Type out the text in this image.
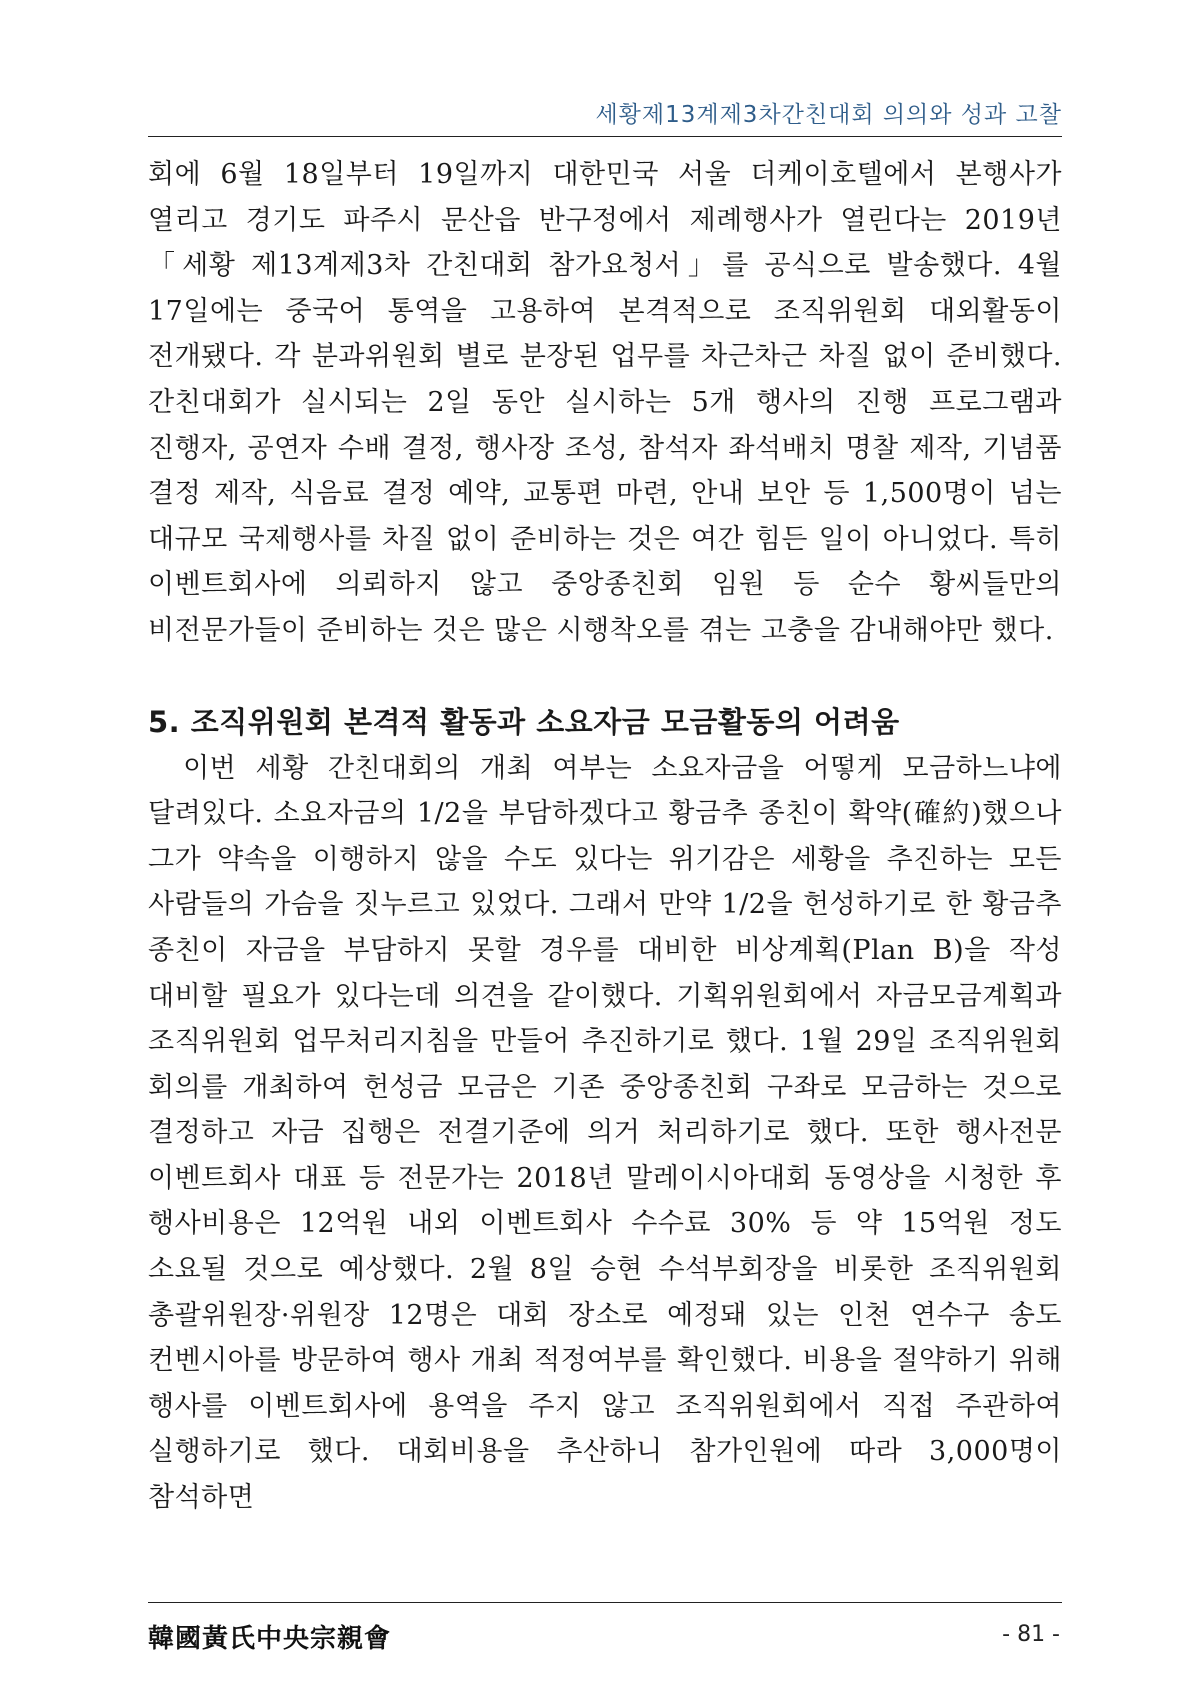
세황제13계제3차간친대회 의의와 성과 고찰

회에 6월 18일부터 19일까지 대한민국 서울 더케이호텔에서 본행사가 열리고 경기도 파주시 문산읍 반구정에서 제례행사가 열린다는 2019년 「세황 제13계제3차 간친대회 참가요청서」를 공식으로 발송했다. 4월 17일에는 중국어 통역을 고용하여 본격적으로 조직위원회 대외활동이 전개됐다. 각 분과위원회 별로 분장된 업무를 차근차근 차질 없이 준비했다. 간친대회가 실시되는 2일 동안 실시하는 5개 행사의 진행 프로그램과 진행자, 공연자 수배 결정, 행사장 조성, 참석자 좌석배치 명찰 제작, 기념품 결정 제작, 식음료 결정 예약, 교통편 마련, 안내 보안 등 1,500명이 넘는 대규모 국제행사를 차질 없이 준비하는 것은 여간 힘든 일이 아니었다. 특히 이벤트회사에 의뢰하지 않고 중앙종친회 임원 등 순수 황씨들만의 비전문가들이 준비하는 것은 많은 시행착오를 겪는 고충을 감내해야만 했다.

5. 조직위원회 본격적 활동과 소요자금 모금활동의 어려움

이번 세황 간친대회의 개최 여부는 소요자금을 어떻게 모금하느냐에 달려있다. 소요자금의 1/2을 부담하겠다고 황금추 종친이 확약(確約)했으나 그가 약속을 이행하지 않을 수도 있다는 위기감은 세황을 추진하는 모든 사람들의 가슴을 짓누르고 있었다. 그래서 만약 1/2을 헌성하기로 한 황금추 종친이 자금을 부담하지 못할 경우를 대비한 비상계획(Plan B)을 작성 대비할 필요가 있다는데 의견을 같이했다. 기획위원회에서 자금모금계획과 조직위원회 업무처리지침을 만들어 추진하기로 했다. 1월 29일 조직위원회 회의를 개최하여 헌성금 모금은 기존 중앙종친회 구좌로 모금하는 것으로 결정하고 자금 집행은 전결기준에 의거 처리하기로 했다. 또한 행사전문 이벤트회사 대표 등 전문가는 2018년 말레이시아대회 동영상을 시청한 후 행사비용은 12억원 내외 이벤트회사 수수료 30% 등 약 15억원 정도 소요될 것으로 예상했다. 2월 8일 승현 수석부회장을 비롯한 조직위원회 총괄위원장·위원장 12명은 대회 장소로 예정돼 있는 인천 연수구 송도 컨벤시아를 방문하여 행사 개최 적정여부를 확인했다. 비용을 절약하기 위해 행사를 이벤트회사에 용역을 주지 않고 조직위원회에서 직접 주관하여 실행하기로 했다. 대회비용을 추산하니 참가인원에 따라 3,000명이 참석하면

韓國黃氏中央宗親會	- 81 -
